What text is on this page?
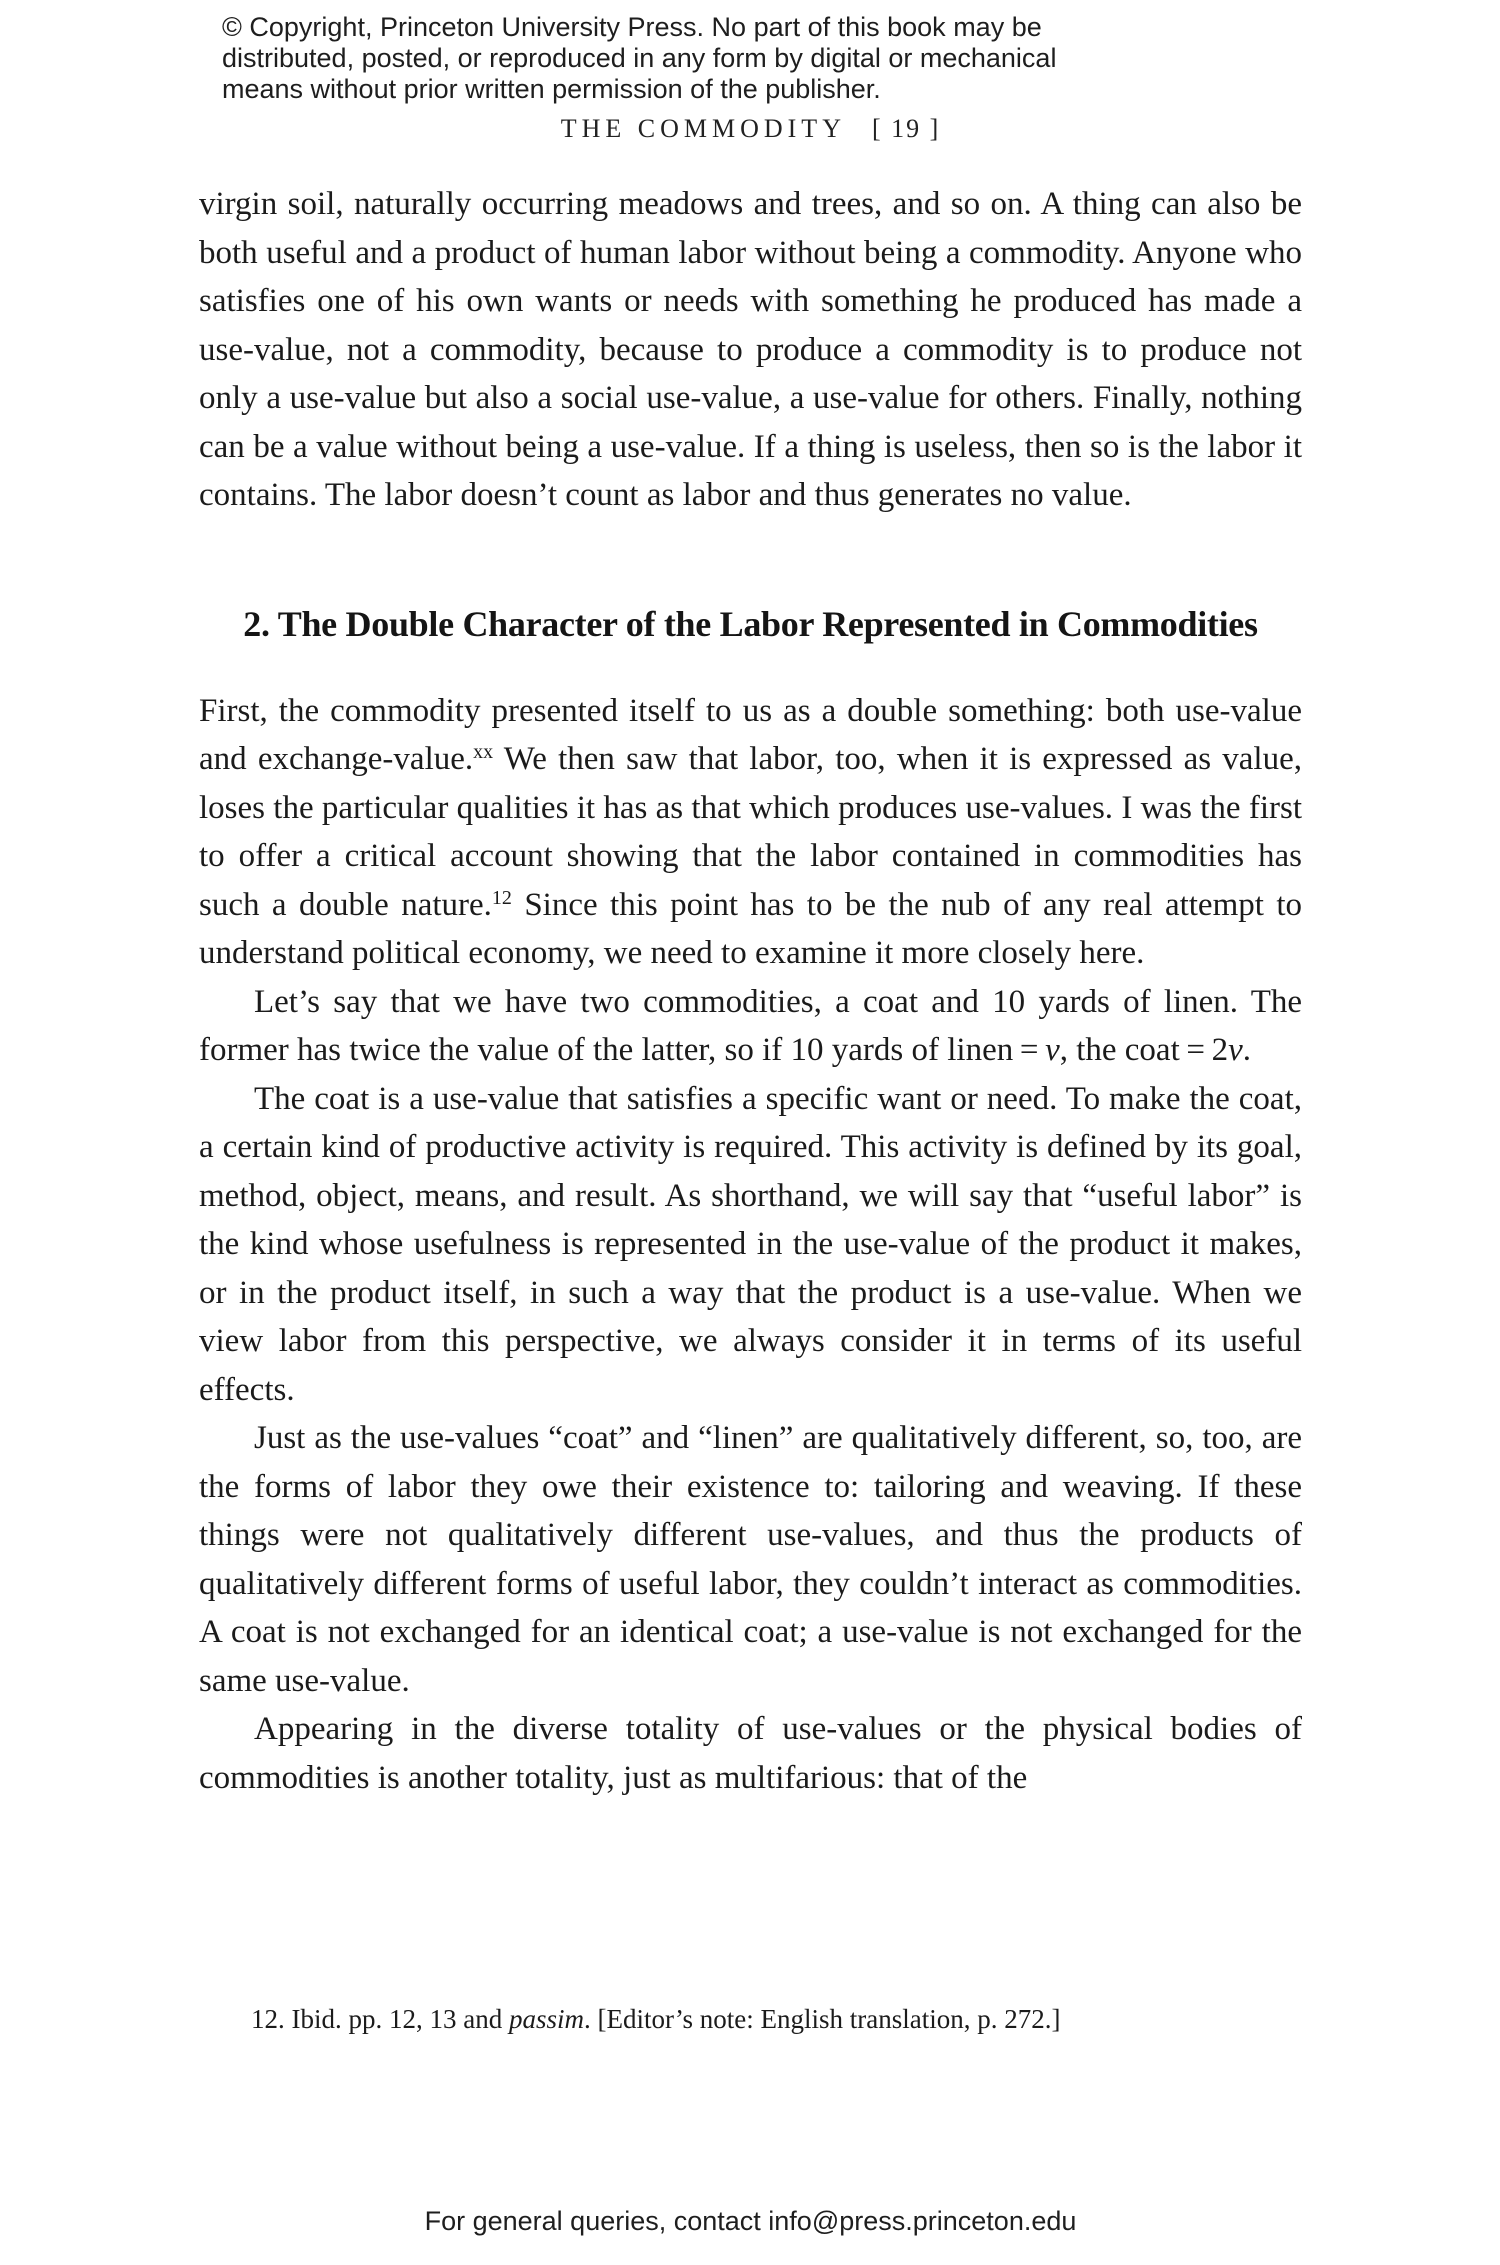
© Copyright, Princeton University Press. No part of this book may be
distributed, posted, or reproduced in any form by digital or mechanical
means without prior written permission of the publisher.
THE COMMODITY [ 19 ]

virgin soil, naturally occurring meadows and trees, and so on. A thing can also be both useful and a product of human labor without being a commodity. Anyone who satisfies one of his own wants or needs with something he produced has made a use-value, not a commodity, because to produce a commodity is to produce not only a use-value but also a social use-value, a use-value for others. Finally, nothing can be a value without being a use-value. If a thing is useless, then so is the labor it contains. The labor doesn’t count as labor and thus generates no value.

2. The Double Character of the Labor Represented in Commodities

First, the commodity presented itself to us as a double something: both use-value and exchange-value.$^{xx}$ We then saw that labor, too, when it is expressed as value, loses the particular qualities it has as that which produces use-values. I was the first to offer a critical account showing that the labor contained in commodities has such a double nature.$^{12}$ Since this point has to be the nub of any real attempt to understand political economy, we need to examine it more closely here.

Let’s say that we have two commodities, a coat and 10 yards of linen. The former has twice the value of the latter, so if 10 yards of linen = v, the coat = 2v.

The coat is a use-value that satisfies a specific want or need. To make the coat, a certain kind of productive activity is required. This activity is defined by its goal, method, object, means, and result. As shorthand, we will say that “useful labor” is the kind whose usefulness is represented in the use-value of the product it makes, or in the product itself, in such a way that the product is a use-value. When we view labor from this perspective, we always consider it in terms of its useful effects.

Just as the use-values “coat” and “linen” are qualitatively different, so, too, are the forms of labor they owe their existence to: tailoring and weaving. If these things were not qualitatively different use-values, and thus the products of qualitatively different forms of useful labor, they couldn’t interact as commodities. A coat is not exchanged for an identical coat; a use-value is not exchanged for the same use-value.

Appearing in the diverse totality of use-values or the physical bodies of commodities is another totality, just as multifarious: that of the

12. Ibid. pp. 12, 13 and passim. [Editor’s note: English translation, p. 272.]
For general queries, contact info@press.princeton.edu
